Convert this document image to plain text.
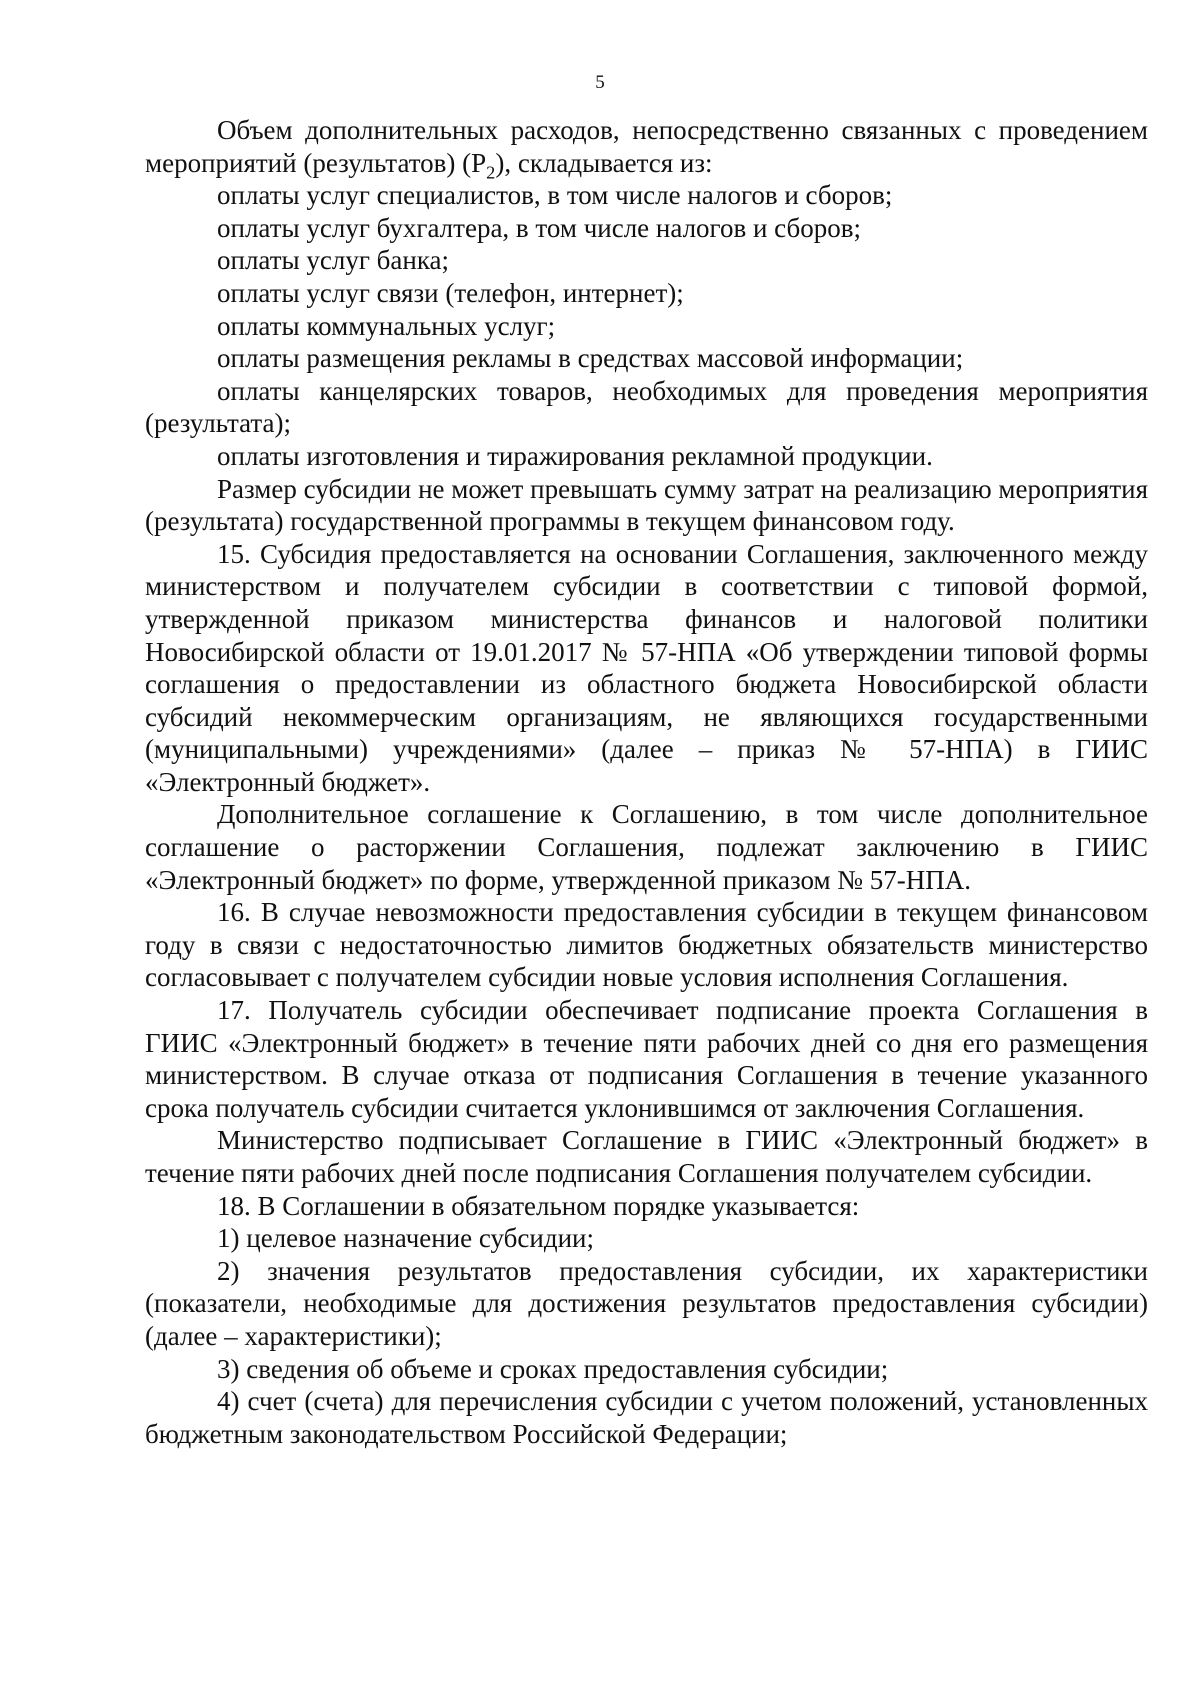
5

Объем дополнительных расходов, непосредственно связанных с проведением мероприятий (результатов) $(Р_2)$, складывается из:

оплаты услуг специалистов, в том числе налогов и сборов;

оплаты услуг бухгалтера, в том числе налогов и сборов;

оплаты услуг банка;

оплаты услуг связи (телефон, интернет);

оплаты коммунальных услуг;

оплаты размещения рекламы в средствах массовой информации;

оплаты канцелярских товаров, необходимых для проведения мероприятия (результата);

оплаты изготовления и тиражирования рекламной продукции.

Размер субсидии не может превышать сумму затрат на реализацию мероприятия (результата) государственной программы в текущем финансовом году.

15. Субсидия предоставляется на основании Соглашения, заключенного между министерством и получателем субсидии в соответствии с типовой формой, утвержденной приказом министерства финансов и налоговой политики Новосибирской области от 19.01.2017 № 57-НПА «Об утверждении типовой формы соглашения о предоставлении из областного бюджета Новосибирской области субсидий некоммерческим организациям, не являющихся государственными (муниципальными) учреждениями» (далее – приказ № 57-НПА) в ГИИС «Электронный бюджет».

Дополнительное соглашение к Соглашению, в том числе дополнительное соглашение о расторжении Соглашения, подлежат заключению в ГИИС «Электронный бюджет» по форме, утвержденной приказом № 57-НПА.

16. В случае невозможности предоставления субсидии в текущем финансовом году в связи с недостаточностью лимитов бюджетных обязательств министерство согласовывает с получателем субсидии новые условия исполнения Соглашения.

17. Получатель субсидии обеспечивает подписание проекта Соглашения в ГИИС «Электронный бюджет» в течение пяти рабочих дней со дня его размещения министерством. В случае отказа от подписания Соглашения в течение указанного срока получатель субсидии считается уклонившимся от заключения Соглашения.

Министерство подписывает Соглашение в ГИИС «Электронный бюджет» в течение пяти рабочих дней после подписания Соглашения получателем субсидии.

18. В Соглашении в обязательном порядке указывается:

1) целевое назначение субсидии;

2) значения результатов предоставления субсидии, их характеристики (показатели, необходимые для достижения результатов предоставления субсидии) (далее – характеристики);

3) сведения об объеме и сроках предоставления субсидии;

4) счет (счета) для перечисления субсидии с учетом положений, установленных бюджетным законодательством Российской Федерации;
